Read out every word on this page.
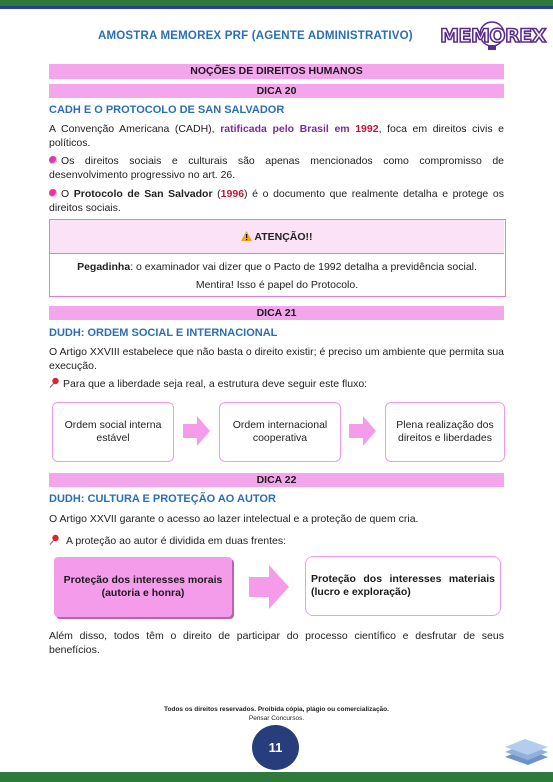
AMOSTRA MEMOREX PRF (AGENTE ADMINISTRATIVO) MEMOREX
NOÇÕES DE DIREITOS HUMANOS
DICA 20
CADH E O PROTOCOLO DE SAN SALVADOR
A Convenção Americana (CADH), ratificada pelo Brasil em 1992, foca em direitos civis e políticos.
Os direitos sociais e culturais são apenas mencionados como compromisso de desenvolvimento progressivo no art. 26.
O Protocolo de San Salvador (1996) é o documento que realmente detalha e protege os direitos sociais.
ATENÇÃO!!
Pegadinha: o examinador vai dizer que o Pacto de 1992 detalha a previdência social.
Mentira! Isso é papel do Protocolo.
DICA 21
DUDH: ORDEM SOCIAL E INTERNACIONAL
O Artigo XXVIII estabelece que não basta o direito existir; é preciso um ambiente que permita sua execução.
Para que a liberdade seja real, a estrutura deve seguir este fluxo:
Ordem social interna estável
Ordem internacional cooperativa
Plena realização dos direitos e liberdades
DICA 22
DUDH: CULTURA E PROTEÇÃO AO AUTOR
O Artigo XXVII garante o acesso ao lazer intelectual e a proteção de quem cria.
A proteção ao autor é dividida em duas frentes:
Proteção dos interesses morais (autoria e honra)
Proteção dos interesses materiais (lucro e exploração)
Além disso, todos têm o direito de participar do processo científico e desfrutar de seus benefícios.
Todos os direitos reservados. Proibida cópia, plágio ou comercialização.
Pensar Concursos.
11
